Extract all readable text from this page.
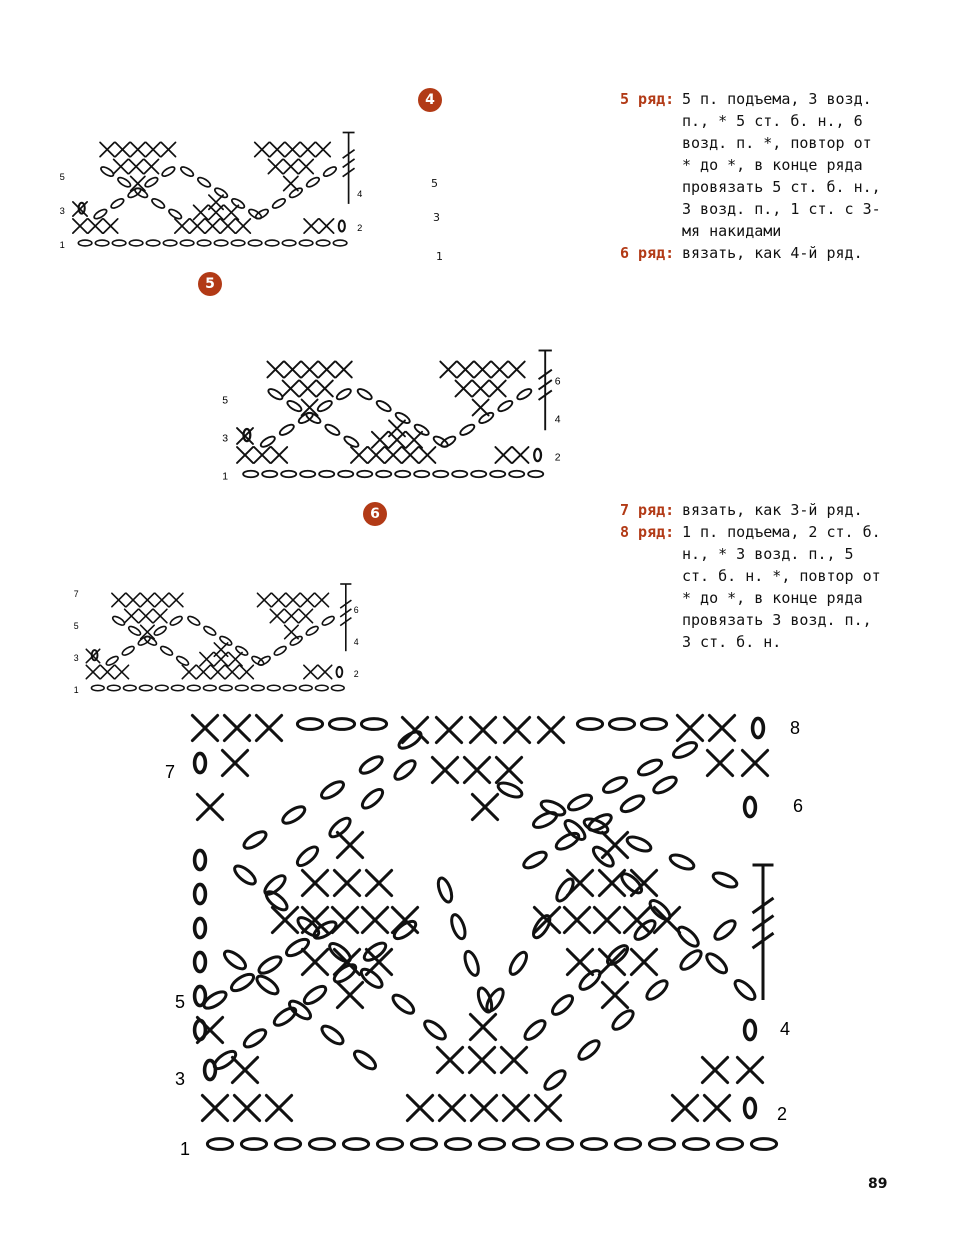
1
2
3
4
5
4
1
2
3
4
5
6
5
1
2
3
4
5
6
7
6
1
2
3
4
5
6
7
8
5
3
1
5 ряд: 5 п. подъема, 3 возд. п., * 5 ст. б. н., 6 возд. п. *, повтор от * до *, в конце ряда провязать 5 ст. б. н., 3 возд. п., 1 ст. с 3-мя накидами
6 ряд: вязать, как 4-й ряд.
7 ряд: вязать, как 3-й ряд.
8 ряд: 1 п. подъема, 2 ст. б. н., * 3 возд. п., 5 ст. б. н. *, повтор от * до *, в конце ряда провязать 3 возд. п., 3 ст. б. н.
89
